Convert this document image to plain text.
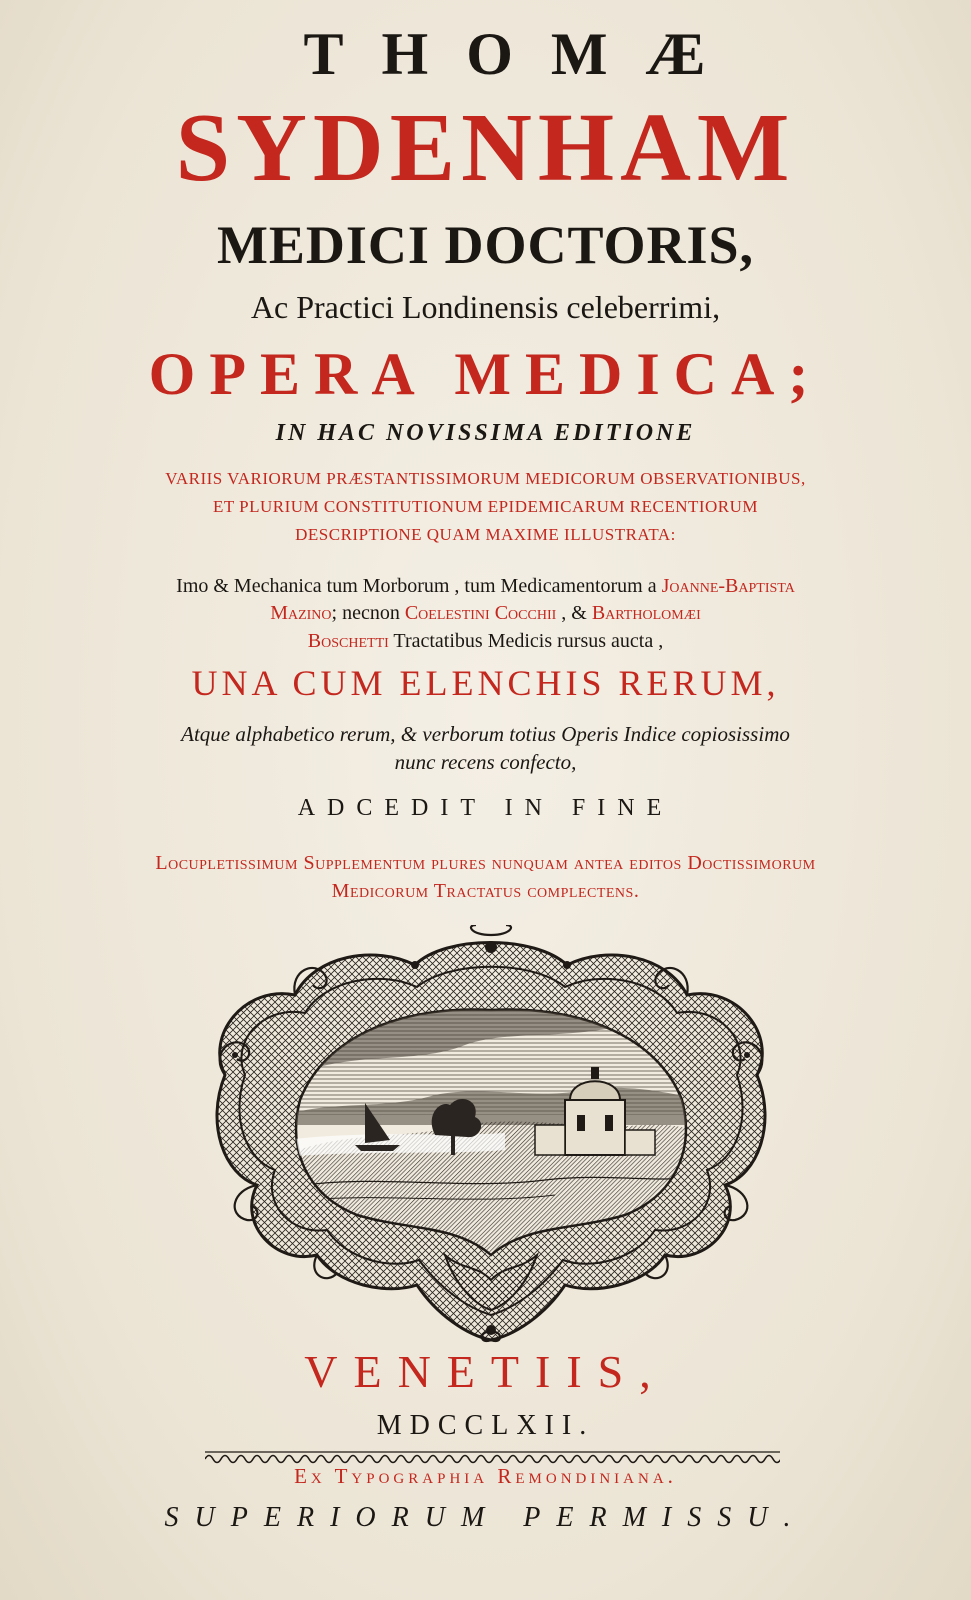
THOMÆ
SYDENHAM
MEDICI DOCTORIS,
Ac Practici Londinensis celeberrimi,
OPERA MEDICA;
IN HAC NOVISSIMA EDITIONE
VARIIS VARIORUM PRÆSTANTISSIMORUM MEDICORUM OBSERVATIONIBUS,
ET PLURIUM CONSTITUTIONUM EPIDEMICARUM RECENTIORUM
DESCRIPTIONE QUAM MAXIME ILLUSTRATA:
Imo & Mechanica tum Morborum , tum Medicamentorum a Joanne-Baptista
Mazino; necnon Coelestini Cocchii , & Bartholomæi
Boschetti Tractatibus Medicis rursus aucta ,
UNA CUM ELENCHIS RERUM,
Atque alphabetico rerum, & verborum totius Operis Indice copiosissimo
nunc recens confecto,
ADCEDIT IN FINE
Locupletissimum Supplementum plures nunquam antea editos Doctissimorum
Medicorum Tractatus complectens.
VENETIIS,
MDCCLXII.
Ex Typographia Remondiniana.
SUPERIORUM PERMISSU.
